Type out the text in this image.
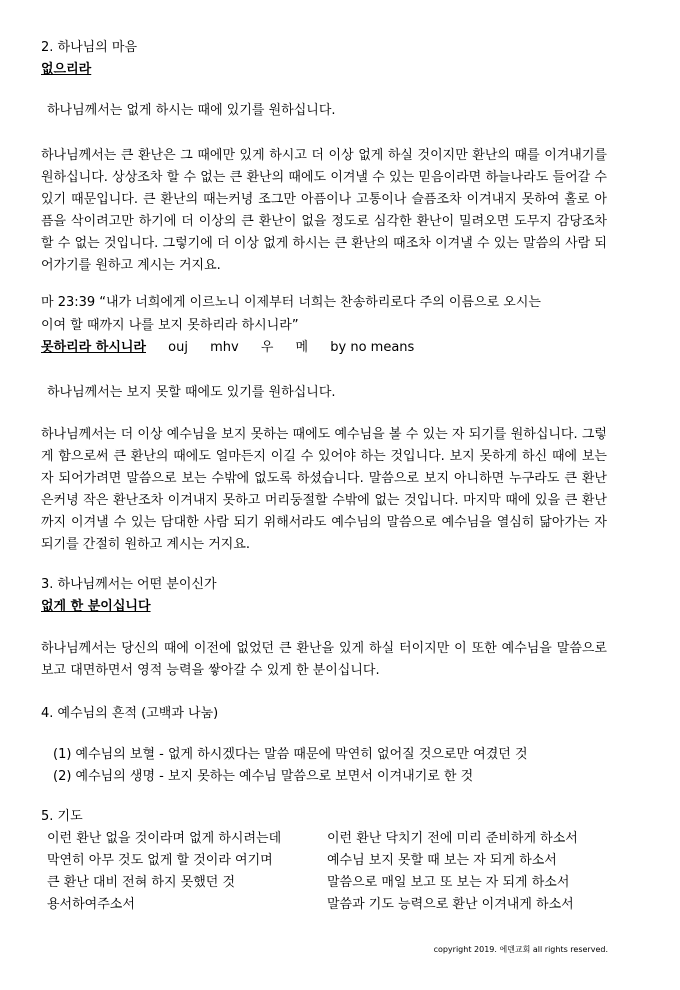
2. 하나님의 마음
없으리라
하나님께서는 없게 하시는 때에 있기를 원하십니다.
하나님께서는 큰 환난은 그 때에만 있게 하시고 더 이상 없게 하실 것이지만 환난의 때를 이겨내기를 원하십니다. 상상조차 할 수 없는 큰 환난의 때에도 이겨낼 수 있는 믿음이라면 하늘나라도 들어갈 수 있기 때문입니다. 큰 환난의 때는커녕 조그만 아픔이나 고통이나 슬픔조차 이겨내지 못하여 홀로 아픔을 삭이려고만 하기에 더 이상의 큰 환난이 없을 정도로 심각한 환난이 밀려오면 도무지 감당조차 할 수 없는 것입니다. 그렇기에 더 이상 없게 하시는 큰 환난의 때조차 이겨낼 수 있는 말씀의 사람 되어가기를 원하고 계시는 거지요.
마 23:39 “내가 너희에게 이르노니 이제부터 너희는 찬송하리로다 주의 이름으로 오시는
이여 할 때까지 나를 보지 못하리라 하시니라”
못하리라 하시니라 ouj mhv 우 메 by no means
하나님께서는 보지 못할 때에도 있기를 원하십니다.
하나님께서는 더 이상 예수님을 보지 못하는 때에도 예수님을 볼 수 있는 자 되기를 원하십니다. 그렇게 함으로써 큰 환난의 때에도 얼마든지 이길 수 있어야 하는 것입니다. 보지 못하게 하신 때에 보는 자 되어가려면 말씀으로 보는 수밖에 없도록 하셨습니다. 말씀으로 보지 아니하면 누구라도 큰 환난은커녕 작은 환난조차 이겨내지 못하고 머리둥절할 수밖에 없는 것입니다. 마지막 때에 있을 큰 환난까지 이겨낼 수 있는 담대한 사람 되기 위해서라도 예수님의 말씀으로 예수님을 열심히 닮아가는 자 되기를 간절히 원하고 계시는 거지요.
3. 하나님께서는 어떤 분이신가
없게 한 분이십니다
하나님께서는 당신의 때에 이전에 없었던 큰 환난을 있게 하실 터이지만 이 또한 예수님을 말씀으로 보고 대면하면서 영적 능력을 쌓아갈 수 있게 한 분이십니다.
4. 예수님의 흔적 (고백과 나눔)
(1) 예수님의 보혈 - 없게 하시겠다는 말씀 때문에 막연히 없어질 것으로만 여겼던 것
(2) 예수님의 생명 - 보지 못하는 예수님 말씀으로 보면서 이겨내기로 한 것
5. 기도
이런 환난 없을 것이라며 없게 하시려는데
막연히 아무 것도 없게 할 것이라 여기며
큰 환난 대비 전혀 하지 못했던 것
용서하여주소서
이런 환난 닥치기 전에 미리 준비하게 하소서
예수님 보지 못할 때 보는 자 되게 하소서
말씀으로 매일 보고 또 보는 자 되게 하소서
말씀과 기도 능력으로 환난 이겨내게 하소서
copyright 2019. 에덴교회 all rights reserved.
